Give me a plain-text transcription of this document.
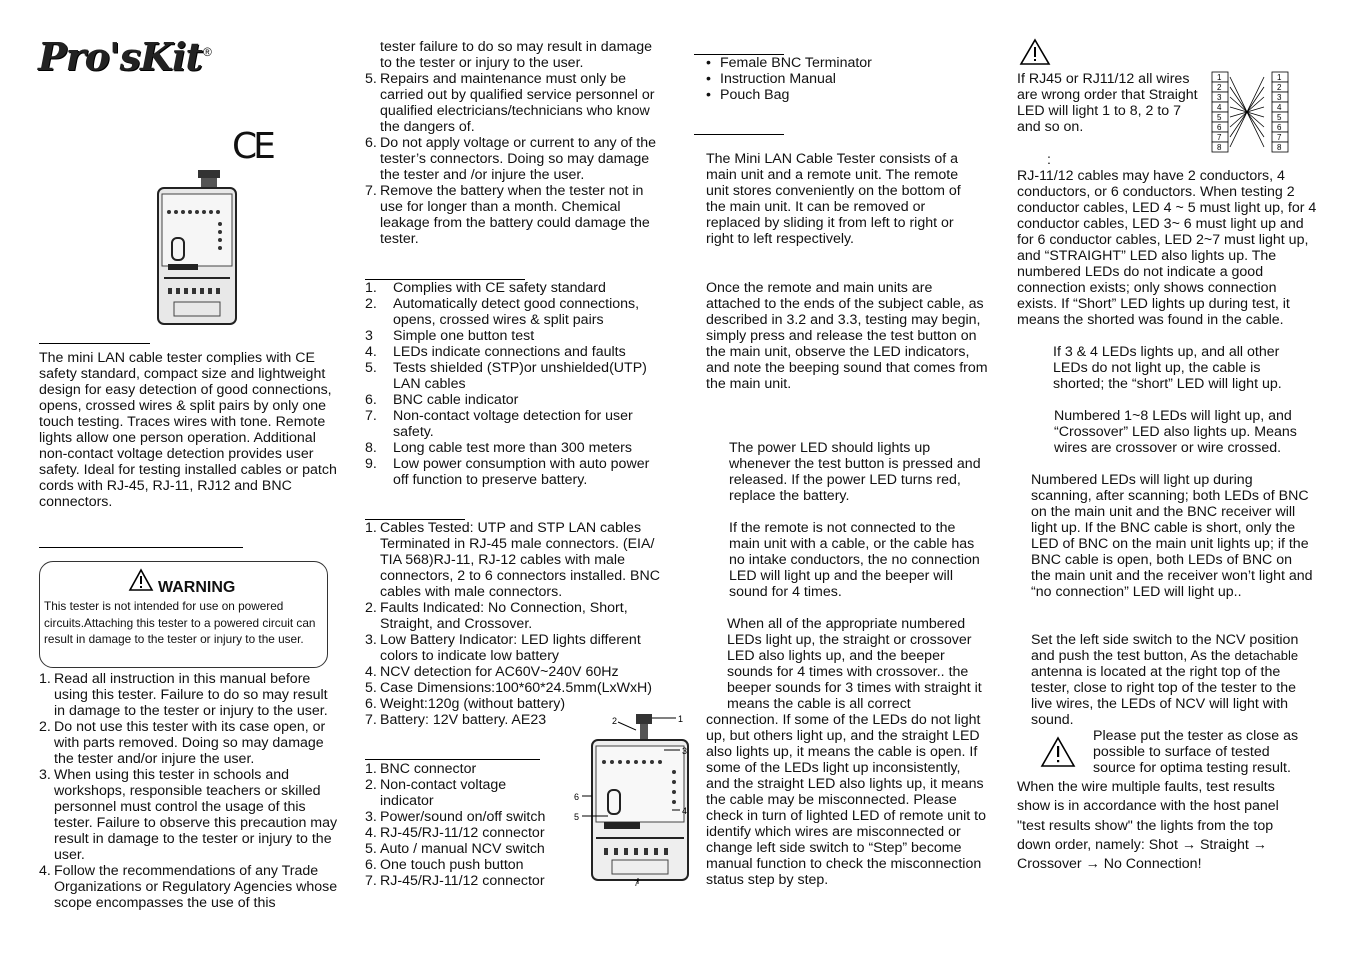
Pro'sKit ®
CE

The mini LAN cable tester complies with CE safety standard, compact size and lightweight design for easy detection of good connections, opens, crossed wires & split pairs by only one touch testing. Traces wires with tone. Remote lights allow one person operation. Additional non-contact voltage detection provides user safety. Ideal for testing installed cables or patch cords with RJ-45, RJ-11, RJ12 and BNC connectors.

WARNING
This tester is not intended for use on powered circuits.Attaching this tester to a powered circuit can result in damage to the tester or injury to the user.
1. Read all instruction in this manual before using this tester. Failure to do so may result in damage to the tester or injury to the user.
2. Do not use this tester with its case open, or with parts removed. Doing so may damage the tester and/or injure the user.
3. When using this tester in schools and workshops, responsible teachers or skilled personnel must control the usage of this tester. Failure to observe this precaution may result in damage to the tester or injury to the user.
4. Follow the recommendations of any Trade Organizations or Regulatory Agencies whose scope encompasses the use of this

tester failure to do so may result in damage to the tester or injury to the user.

5. Repairs and maintenance must only be carried out by qualified service personnel or qualified electricians/technicians who know the dangers of.
6. Do not apply voltage or current to any of the tester’s connectors. Doing so may damage the tester and /or injure the user.
7. Remove the battery when the tester not in use for longer than a month. Chemical leakage from the battery could damage the tester.
1. Complies with CE safety standard
2. Automatically detect good connections, opens, crossed wires & split pairs
3 Simple one button test
4. LEDs indicate connections and faults
5. Tests shielded (STP)or unshielded(UTP) LAN cables
6. BNC cable indicator
7. Non-contact voltage detection for user safety.
8. Long cable test more than 300 meters
9. Low power consumption with auto power off function to preserve battery.
1. Cables Tested: UTP and STP LAN cables Terminated in RJ-45 male connectors. (EIA/ TIA 568)RJ-11, RJ-12 cables with male connectors, 2 to 6 connectors installed. BNC cables with male connectors.
2. Faults Indicated: No Connection, Short, Straight, and Crossover.
3. Low Battery Indicator: LED lights different colors to indicate low battery
4. NCV detection for AC60V~240V 60Hz
5. Case Dimensions:100*60*24.5mm(LxWxH)
6. Weight:120g (without battery)
7. Battery: 12V battery. AE23
1. BNC connector
2. Non-contact voltage indicator
3. Power/sound on/off switch
4. RJ-45/RJ-11/12 connector
5. Auto / manual NCV switch
6. One touch push button
7. RJ-45/RJ-11/12 connector
1
2
3
4
5
6
7
• Female BNC Terminator
• Instruction Manual
• Pouch Bag

The Mini LAN Cable Tester consists of a main unit and a remote unit. The remote unit stores conveniently on the bottom of the main unit. It can be removed or replaced by sliding it from left to right or right to left respectively.

Once the remote and main units are attached to the ends of the subject cable, as described in 3.2 and 3.3, testing may begin, simply press and release the test button on the main unit, observe the LED indicators, and note the beeping sound that comes from the main unit.

The power LED should lights up whenever the test button is pressed and released. If the power LED turns red, replace the battery.

If the remote is not connected to the main unit with a cable, or the cable has no intake conductors, the no connection LED will light up and the beeper will sound for 4 times.

When all of the appropriate numbered LEDs light up, the straight or crossover LED also lights up, and the beeper sounds for 4 times with crossover.. the beeper sounds for 3 times with straight it means the cable is all correct

connection. If some of the LEDs do not light up, but others light up, and the straight LED also lights up, it means the cable is open. If some of the LEDs light up inconsistently, and the straight LED also lights up, it means the cable may be misconnected. Please check in turn of lighted LED of remote unit to identify which wires are misconnected or change left side switch to “Step” become manual function to check the misconnection status step by step.

If RJ45 or RJ11/12 all wires are wrong order that Straight LED will light 1 to 8, 2 to 7 and so on.

1
2
3
4
5
6
7
8
1
2
3
4
5
6
7
8
:

RJ-11/12 cables may have 2 conductors, 4 conductors, or 6 conductors. When testing 2 conductor cables, LED 4 ~ 5 must light up, for 4 conductor cables, LED 3~ 6 must light up and for 6 conductor cables, LED 2~7 must light up, and “STRAIGHT” LED also lights up. The numbered LEDs do not indicate a good connection exists; only shows connection exists. If “Short” LED lights up during test, it means the shorted was found in the cable.

If 3 & 4 LEDs lights up, and all other LEDs do not light up, the cable is shorted; the “short” LED will light up.

Numbered 1~8 LEDs will light up, and “Crossover” LED also lights up. Means wires are crossover or wire crossed.

Numbered LEDs will light up during scanning, after scanning; both LEDs of BNC on the main unit and the BNC receiver will light up. If the BNC cable is short, only the LED of BNC on the main unit lights up; if the BNC cable is open, both LEDs of BNC on the main unit and the receiver won’t light and “no connection” LED will light up..

Set the left side switch to the NCV position and push the test button, As the detachable antenna is located at the right top of the tester, close to right top of the tester to the live wires, the LEDs of NCV will light with sound.

Please put the tester as close as possible to surface of tested source for optima testing result.

When the wire multiple faults, test results show is in accordance with the host panel "test results show" the lights from the top down order, namely: Shot → Straight → Crossover → No Connection!
